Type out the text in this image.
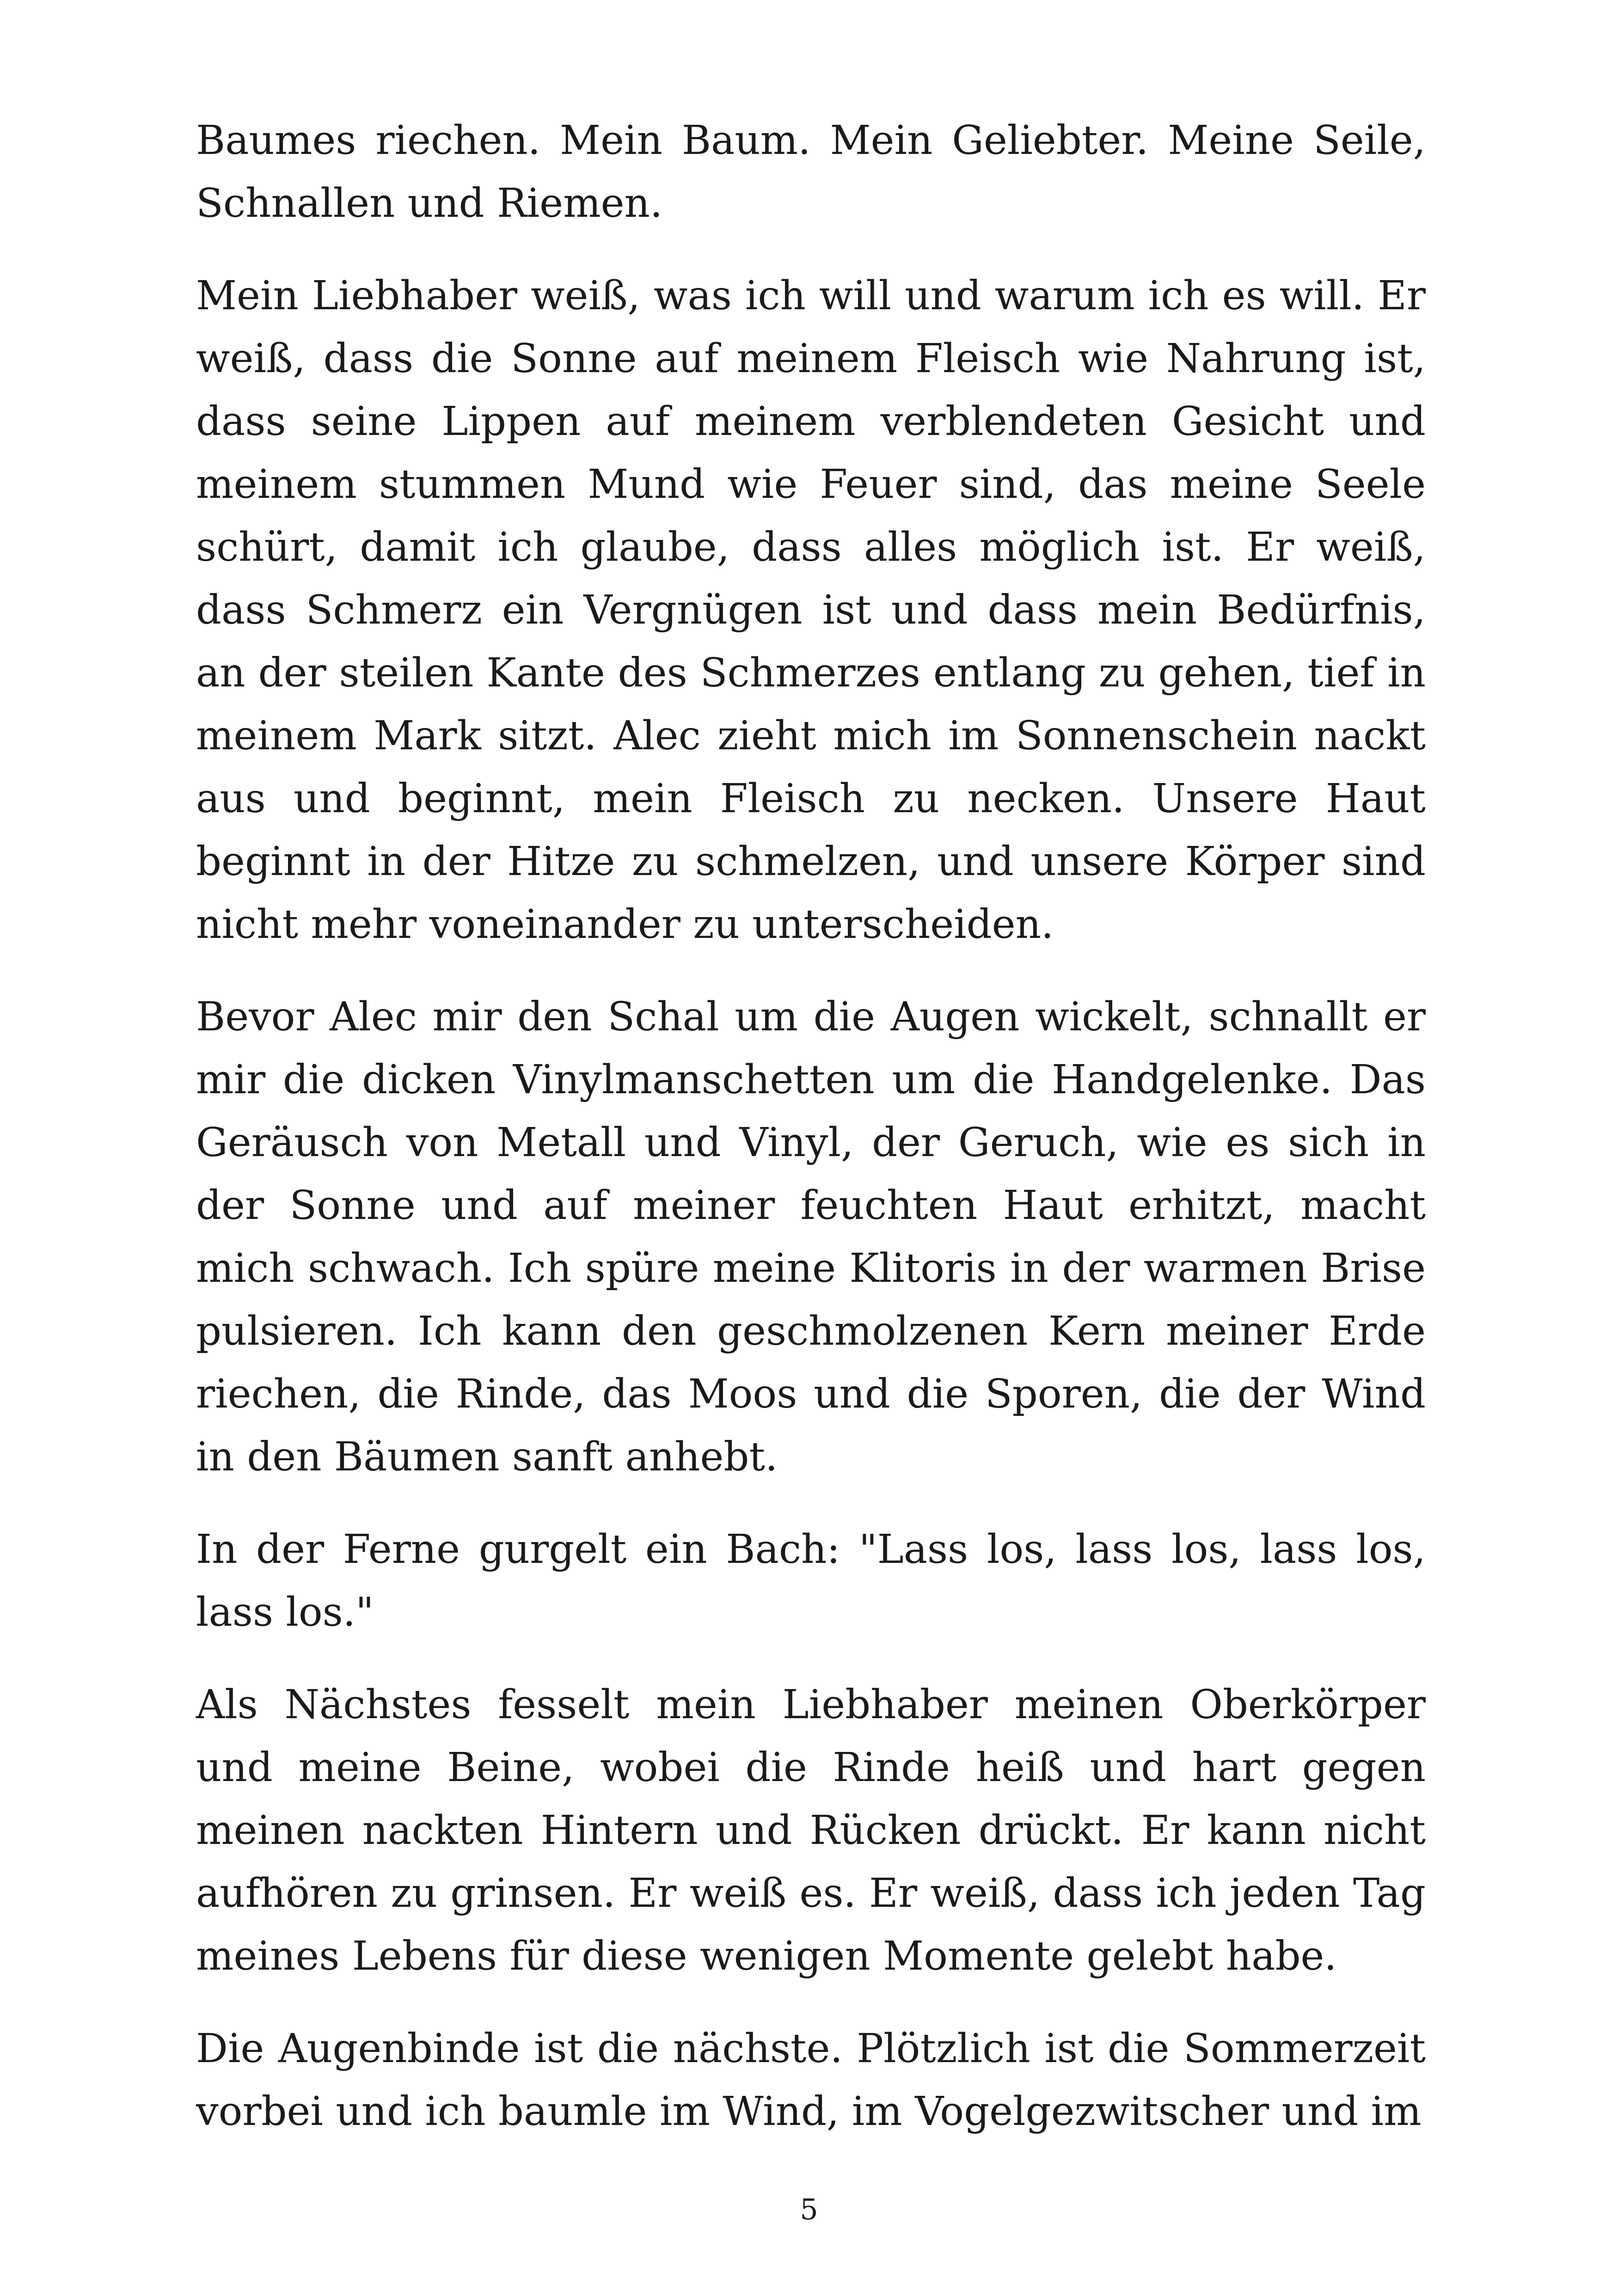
Baumes riechen. Mein Baum. Mein Geliebter. Meine Seile, Schnallen und Riemen.

Mein Liebhaber weiß, was ich will und warum ich es will. Er weiß, dass die Sonne auf meinem Fleisch wie Nahrung ist, dass seine Lippen auf meinem verblendeten Gesicht und meinem stummen Mund wie Feuer sind, das meine Seele schürt, damit ich glaube, dass alles möglich ist. Er weiß, dass Schmerz ein Vergnügen ist und dass mein Bedürfnis, an der steilen Kante des Schmerzes entlang zu gehen, tief in meinem Mark sitzt. Alec zieht mich im Sonnenschein nackt aus und beginnt, mein Fleisch zu necken. Unsere Haut beginnt in der Hitze zu schmelzen, und unsere Körper sind nicht mehr voneinander zu unterscheiden.

Bevor Alec mir den Schal um die Augen wickelt, schnallt er mir die dicken Vinylmanschetten um die Handgelenke. Das Geräusch von Metall und Vinyl, der Geruch, wie es sich in der Sonne und auf meiner feuchten Haut erhitzt, macht mich schwach. Ich spüre meine Klitoris in der warmen Brise pulsieren. Ich kann den geschmolzenen Kern meiner Erde riechen, die Rinde, das Moos und die Sporen, die der Wind in den Bäumen sanft anhebt.

In der Ferne gurgelt ein Bach: "Lass los, lass los, lass los, lass los."

Als Nächstes fesselt mein Liebhaber meinen Oberkörper und meine Beine, wobei die Rinde heiß und hart gegen meinen nackten Hintern und Rücken drückt. Er kann nicht aufhören zu grinsen. Er weiß es. Er weiß, dass ich jeden Tag meines Lebens für diese wenigen Momente gelebt habe.

Die Augenbinde ist die nächste. Plötzlich ist die Sommerzeit vorbei und ich baumle im Wind, im Vogelgezwitscher und im

5
